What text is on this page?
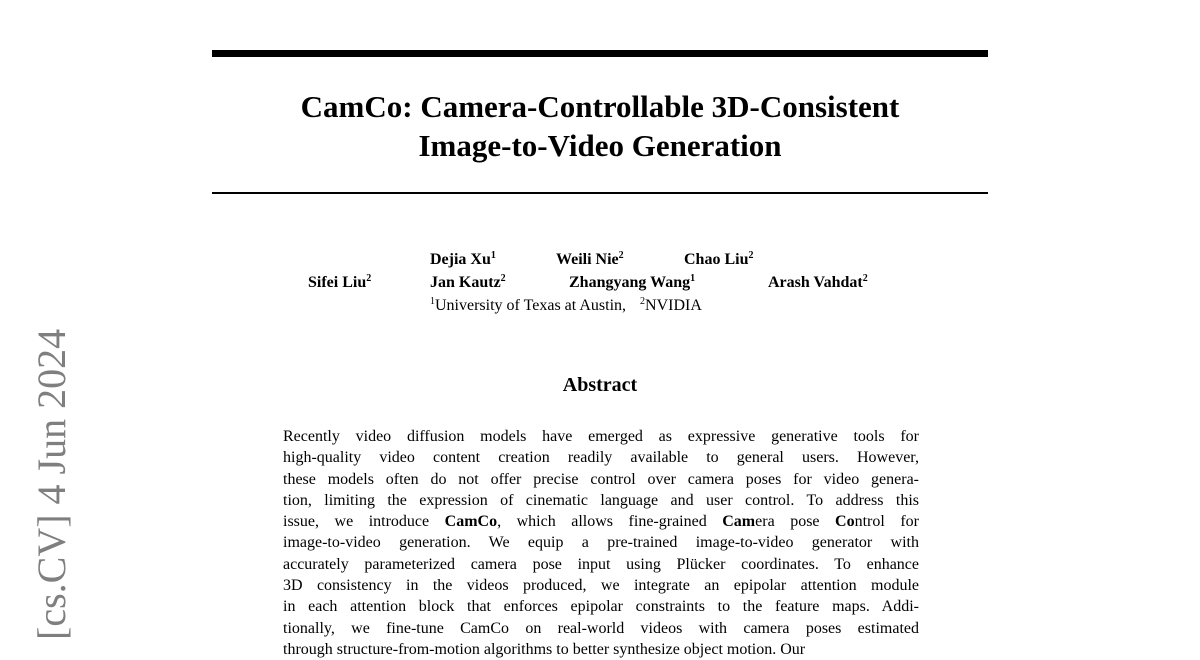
CamCo: Camera-Controllable 3D-Consistent
Image-to-Video Generation
Dejia Xu$^1$	Weili Nie$^2$	Chao Liu$^2$
Sifei Liu$^2$	Jan Kautz$^2$	Zhangyang Wang$^1$	Arash Vahdat$^2$
$^1$University of Texas at Austin, $^2$NVIDIA
Abstract
Recently video diffusion models have emerged as expressive generative tools for
high-quality video content creation readily available to general users. However,
these models often do not offer precise control over camera poses for video genera-
tion, limiting the expression of cinematic language and user control. To address this
issue, we introduce CamCo, which allows fine-grained Camera pose Control for
image-to-video generation. We equip a pre-trained image-to-video generator with
accurately parameterized camera pose input using Plücker coordinates. To enhance
3D consistency in the videos produced, we integrate an epipolar attention module
in each attention block that enforces epipolar constraints to the feature maps. Addi-
tionally, we fine-tune CamCo on real-world videos with camera poses estimated
through structure-from-motion algorithms to better synthesize object motion. Our
[cs.CV] 4 Jun 2024
